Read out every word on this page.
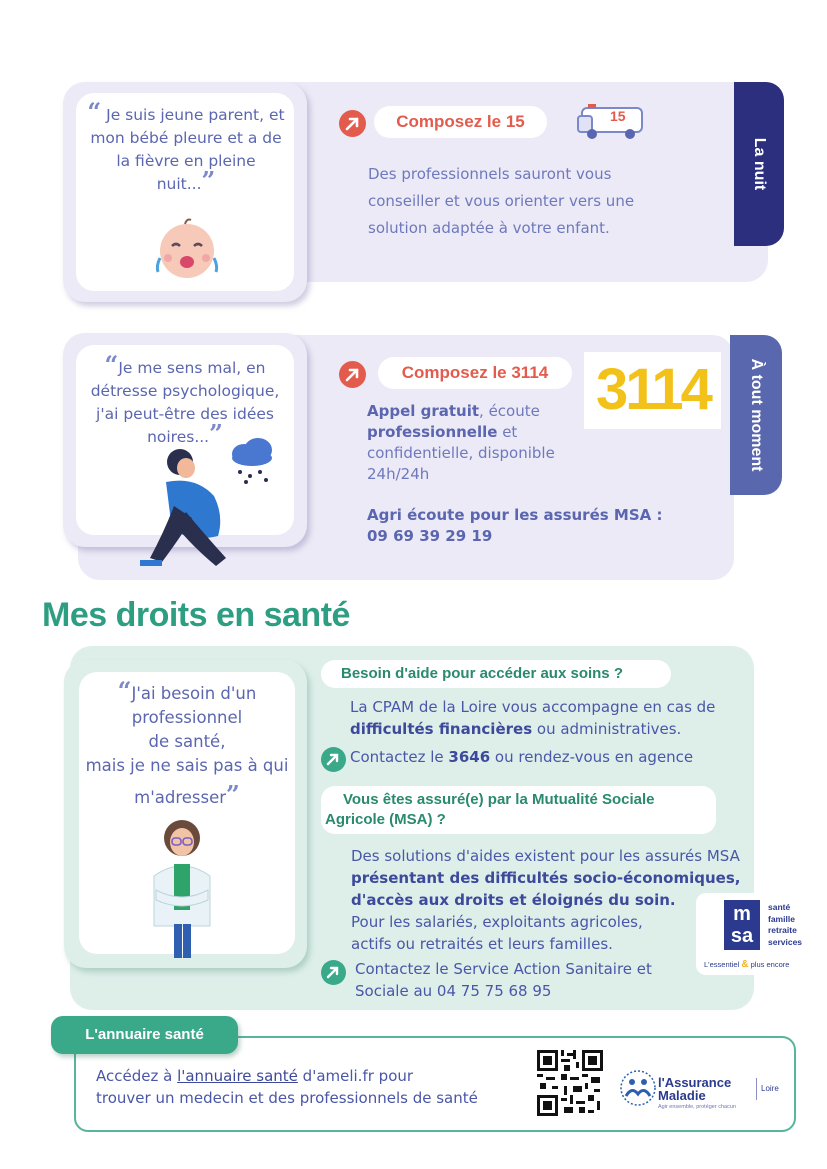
La nuit
“ Je suis jeune parent, et mon bébé pleure et a de la fièvre en pleine nuit...”
Composez le 15	15
Des professionnels sauront vous
conseiller et vous orienter vers une
solution adaptée à votre enfant.
À tout moment
“Je me sens mal, en détresse psychologique, j'ai peut-être des idées noires...”
Composez le 3114 3114
Appel gratuit, écoute
professionnelle et
confidentielle, disponible
24h/24h
Agri écoute pour les assurés MSA :
09 69 39 29 19
Mes droits en santé
“J'ai besoin d'un
professionnel
de santé,
mais je ne sais pas à qui
m'adresser”
Besoin d'aide pour accéder aux soins ?
La CPAM de la Loire vous accompagne en cas de
difficultés financières ou administratives.
Contactez le 3646 ou rendez-vous en agence
Vous êtes assuré(e) par la Mutualité Sociale
Agricole (MSA) ?
Des solutions d'aides existent pour les assurés MSA
présentant des difficultés socio-économiques,
d'accès aux droits et éloignés du soin.
Pour les salariés, exploitants agricoles,
actifs ou retraités et leurs familles.
Contactez le Service Action Sanitaire et
Sociale au 04 75 75 68 95
m
sa
santé
famille
retraite
services
L'essentiel & plus encore
L'annuaire santé
Accédez à l'annuaire santé d'ameli.fr pour
trouver un medecin et des professionnels de santé
l'Assurance
Maladie
Agir ensemble, protéger chacun
Loire
